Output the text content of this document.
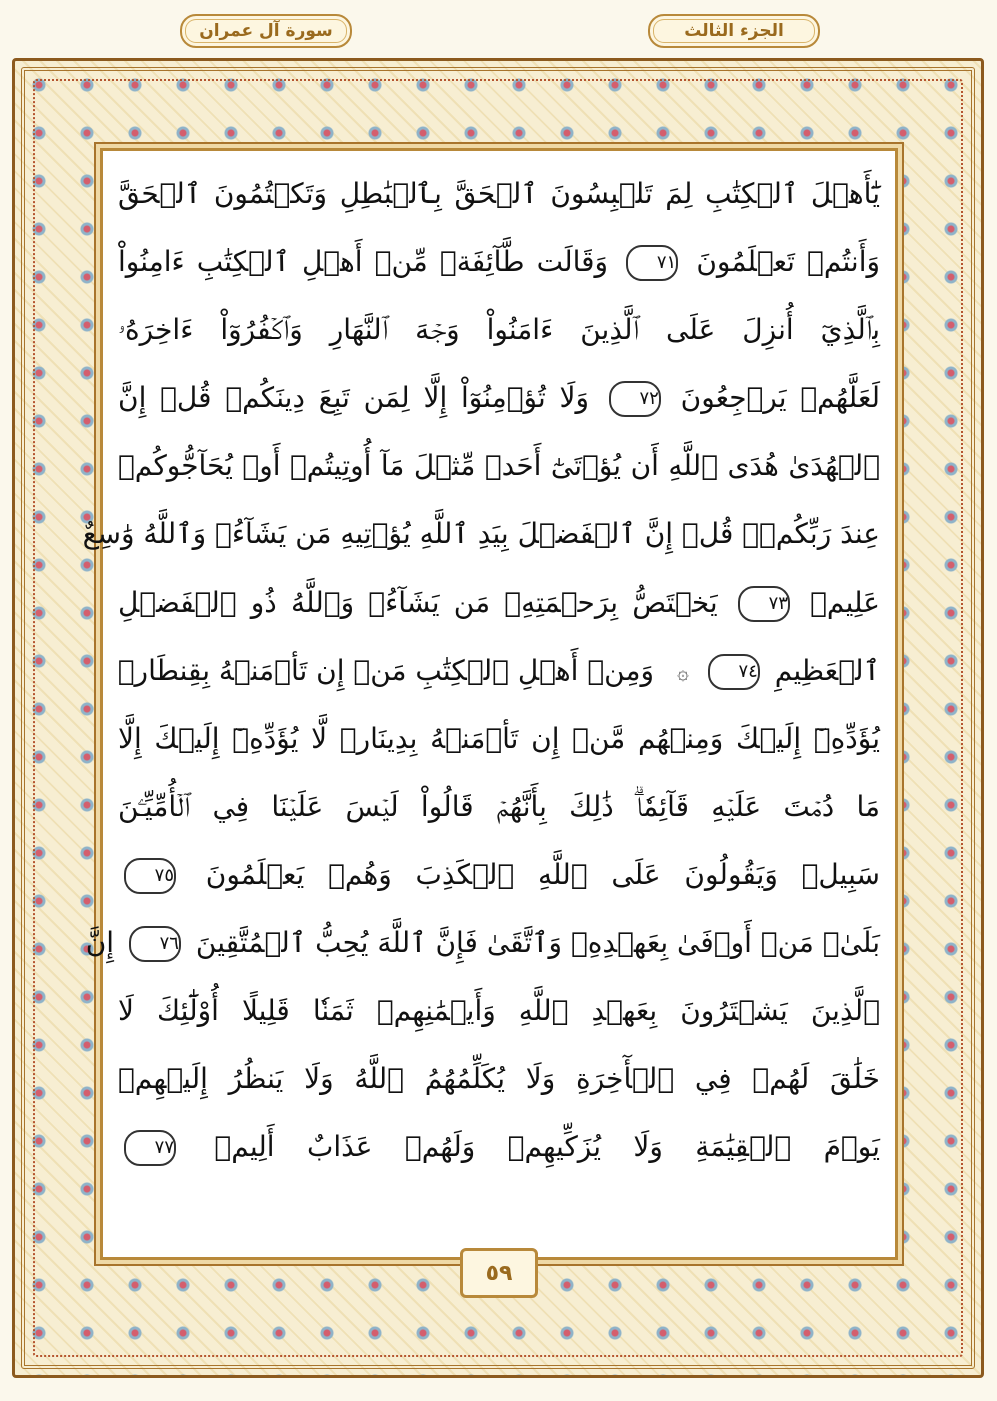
الجزء الثالث
سورة آل عمران
يَٰٓأَهۡلَ ٱلۡكِتَٰبِ لِمَ تَلۡبِسُونَ ٱلۡحَقَّ بِٱلۡبَٰطِلِ وَتَكۡتُمُونَ ٱلۡحَقَّ
وَأَنتُمۡ تَعۡلَمُونَ ٧١ وَقَالَت طَّآئِفَةٞ مِّنۡ أَهۡلِ ٱلۡكِتَٰبِ ءَامِنُواْ
بِٱلَّذِيٓ أُنزِلَ عَلَى ٱلَّذِينَ ءَامَنُواْ وَجۡهَ ٱلنَّهَارِ وَٱكۡفُرُوٓاْ ءَاخِرَهُۥ
لَعَلَّهُمۡ يَرۡجِعُونَ ٧٢ وَلَا تُؤۡمِنُوٓاْ إِلَّا لِمَن تَبِعَ دِينَكُمۡ قُلۡ إِنَّ
ٱلۡهُدَىٰ هُدَى ٱللَّهِ أَن يُؤۡتَىٰٓ أَحَدٞ مِّثۡلَ مَآ أُوتِيتُمۡ أَوۡ يُحَآجُّوكُمۡ
عِندَ رَبِّكُمۡۗ قُلۡ إِنَّ ٱلۡفَضۡلَ بِيَدِ ٱللَّهِ يُؤۡتِيهِ مَن يَشَآءُۗ وَٱللَّهُ وَٰسِعٌ
عَلِيمٞ ٧٣ يَخۡتَصُّ بِرَحۡمَتِهِۦ مَن يَشَآءُۗ وَٱللَّهُ ذُو ٱلۡفَضۡلِ
ٱلۡعَظِيمِ ٧٤ ۞ وَمِنۡ أَهۡلِ ٱلۡكِتَٰبِ مَنۡ إِن تَأۡمَنۡهُ بِقِنطَارٖ
يُؤَدِّهِۦٓ إِلَيۡكَ وَمِنۡهُم مَّنۡ إِن تَأۡمَنۡهُ بِدِينَارٖ لَّا يُؤَدِّهِۦٓ إِلَيۡكَ إِلَّا
مَا دُمۡتَ عَلَيۡهِ قَآئِمٗاۗ ذَٰلِكَ بِأَنَّهُمۡ قَالُواْ لَيۡسَ عَلَيۡنَا فِي ٱلۡأُمِّيِّـۧنَ
سَبِيلٞ وَيَقُولُونَ عَلَى ٱللَّهِ ٱلۡكَذِبَ وَهُمۡ يَعۡلَمُونَ ٧٥
بَلَىٰۚ مَنۡ أَوۡفَىٰ بِعَهۡدِهِۦ وَٱتَّقَىٰ فَإِنَّ ٱللَّهَ يُحِبُّ ٱلۡمُتَّقِينَ ٧٦ إِنَّ
ٱلَّذِينَ يَشۡتَرُونَ بِعَهۡدِ ٱللَّهِ وَأَيۡمَٰنِهِمۡ ثَمَنٗا قَلِيلًا أُوْلَٰٓئِكَ لَا
خَلَٰقَ لَهُمۡ فِي ٱلۡأٓخِرَةِ وَلَا يُكَلِّمُهُمُ ٱللَّهُ وَلَا يَنظُرُ إِلَيۡهِمۡ
يَوۡمَ ٱلۡقِيَٰمَةِ وَلَا يُزَكِّيهِمۡ وَلَهُمۡ عَذَابٌ أَلِيمٞ ٧٧
٥٩
